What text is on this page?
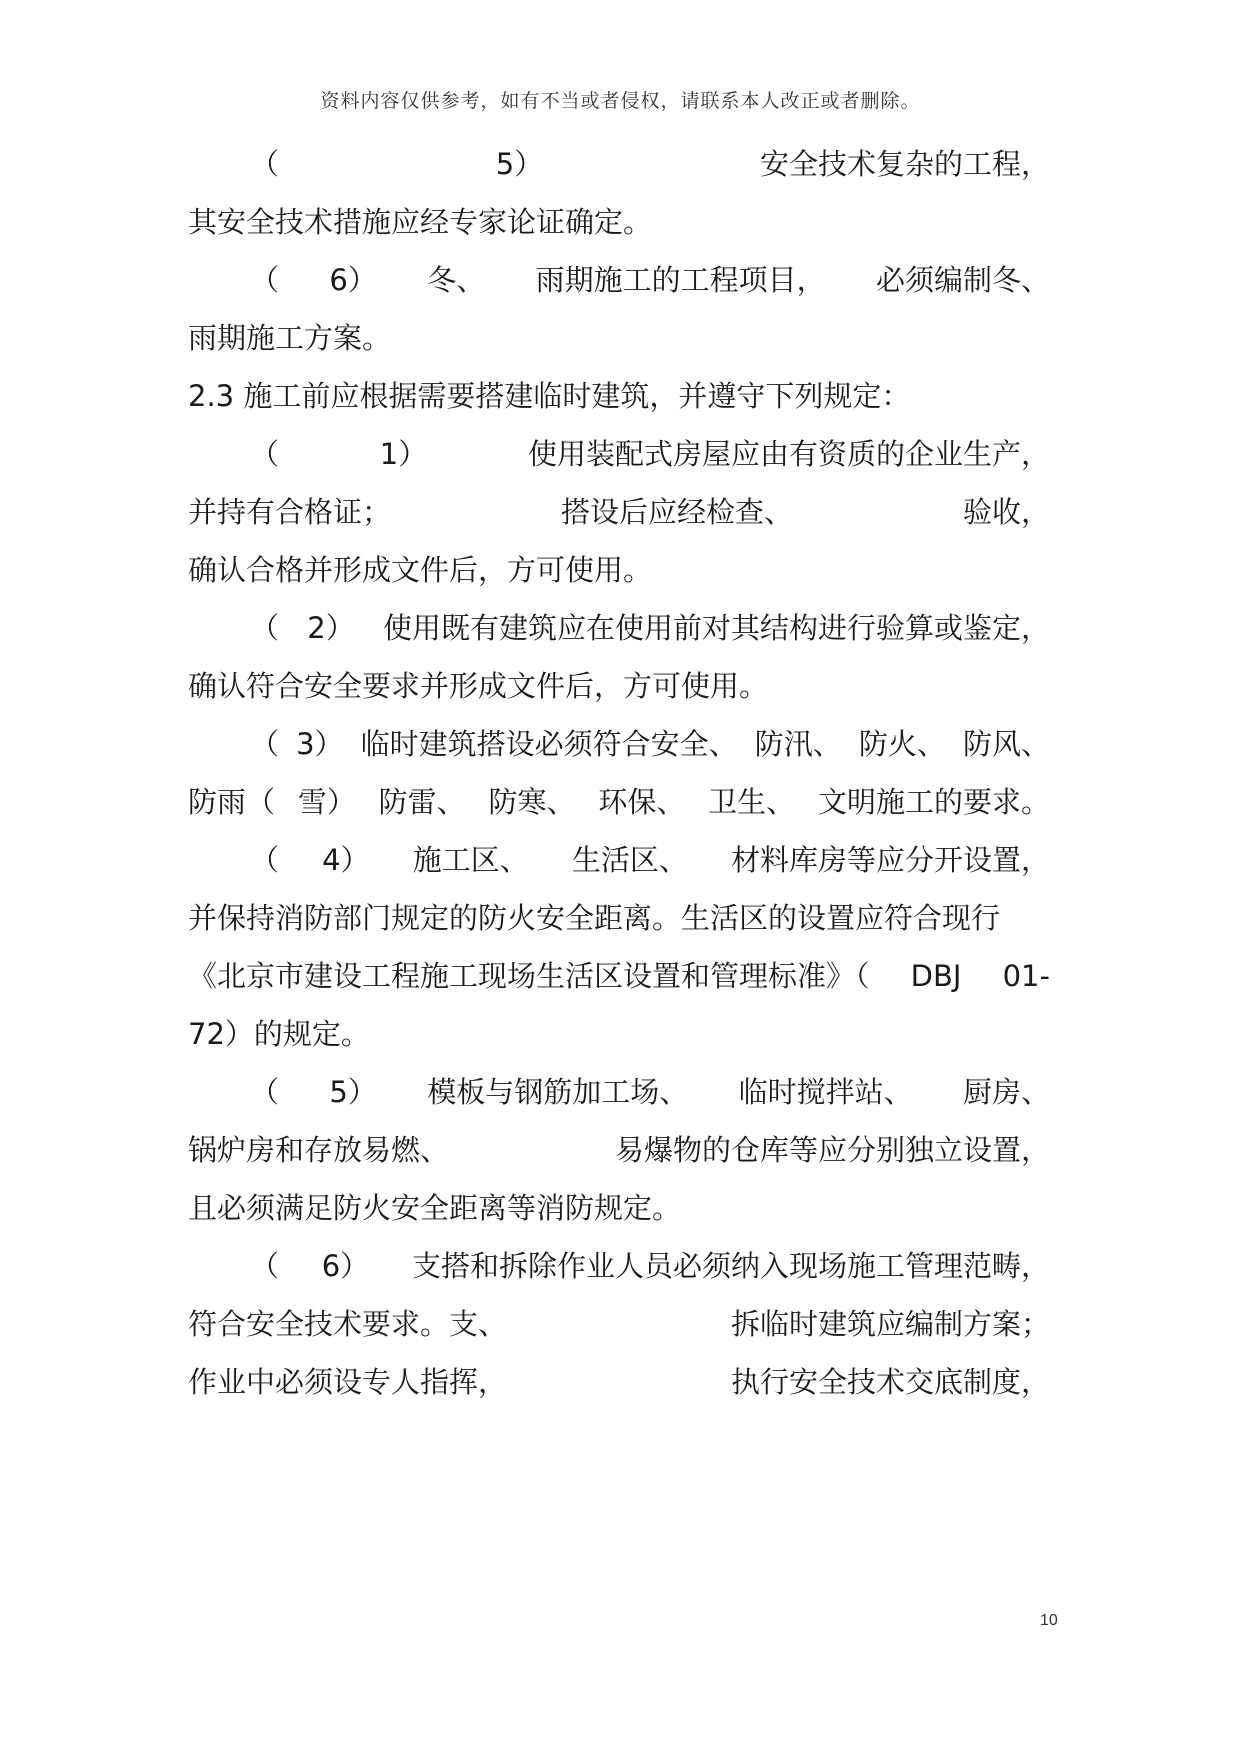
资料内容仅供参考，如有不当或者侵权，请联系本人改正或者删除。
（	5）	安全技术复杂的工程，
其安全技术措施应经专家论证确定。
（ 6） 冬、 雨期施工的工程项目， 必须编制冬、
雨期施工方案。
2.3 施工前应根据需要搭建临时建筑，并遵守下列规定：
（	1）	使用装配式房屋应由有资质的企业生产，
并持有合格证；	搭设后应经检查、	验收，
确认合格并形成文件后，方可使用。
（ 2） 使用既有建筑应在使用前对其结构进行验算或鉴定，
确认符合安全要求并形成文件后，方可使用。
（ 3） 临时建筑搭设必须符合安全、 防汛、 防火、 防风、
防雨（ 雪） 防雷、 防寒、 环保、 卫生、 文明施工的要求。
（ 4） 施工区、 生活区、 材料库房等应分开设置，
并保持消防部门规定的防火安全距离。生活区的设置应符合现行
《北京市建设工程施工现场生活区设置和管理标准》（ DBJ 01-
72）的规定。
（ 5） 模板与钢筋加工场、 临时搅拌站、 厨房、
锅炉房和存放易燃、	易爆物的仓库等应分别独立设置，
且必须满足防火安全距离等消防规定。
（ 6） 支搭和拆除作业人员必须纳入现场施工管理范畴，
符合安全技术要求。支、	拆临时建筑应编制方案；
作业中必须设专人指挥，	执行安全技术交底制度，
10
